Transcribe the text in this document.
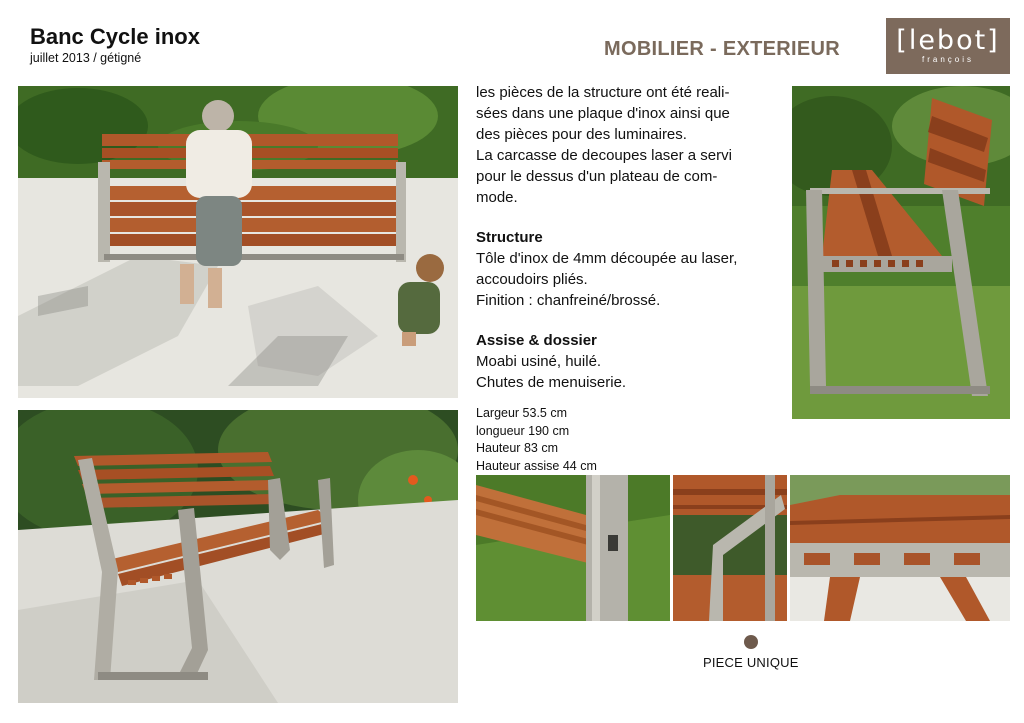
Banc Cycle inox
juillet 2013 / gétigné	MOBILIER - EXTERIEUR	[lebot]
françois

les pièces de la structure ont été reali-

sées dans une plaque d'inox ainsi que

des pièces pour des luminaires.

La carcasse de decoupes laser a servi

pour le dessus d'un plateau de com-

mode.

Structure

Tôle d'inox de 4mm découpée au laser,

accoudoirs pliés.

Finition : chanfreiné/brossé.

Assise & dossier

Moabi usiné, huilé.

Chutes de menuiserie.

Largeur 53.5 cm
longueur 190 cm
Hauteur 83 cm
Hauteur assise 44 cm
PIECE UNIQUE
